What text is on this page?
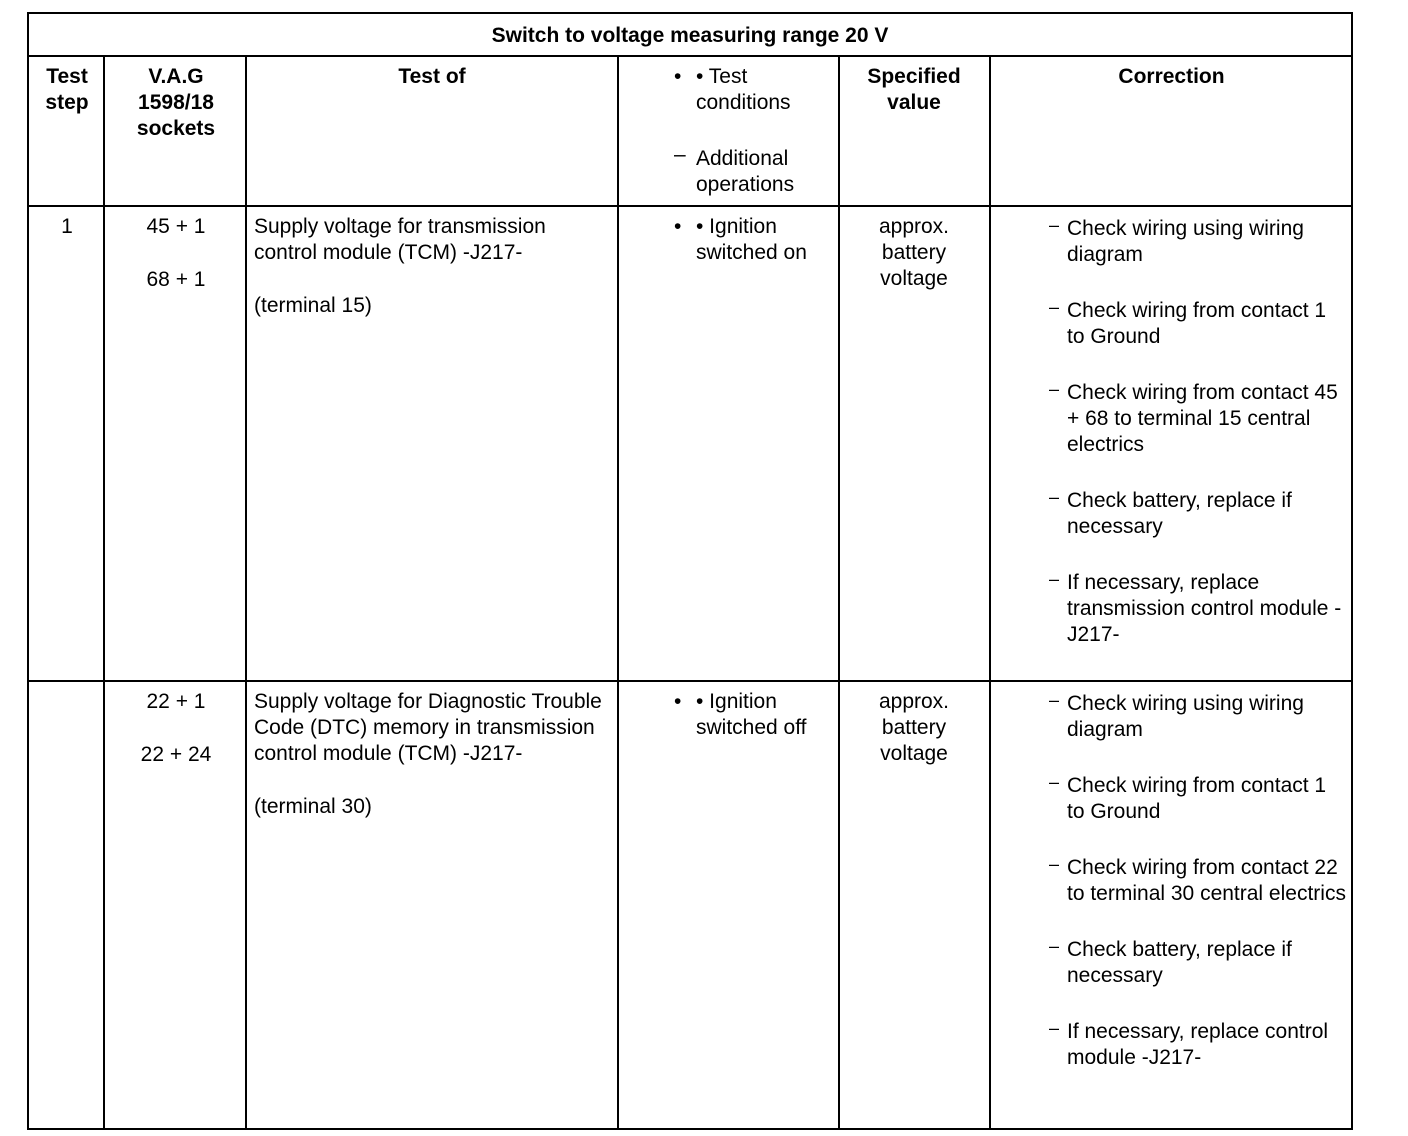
Switch to voltage measuring range 20 V
Test step
V.A.G 1598/18 sockets
Test of	• • Test conditions
– Additional operations
Specified value
Correction
1	45 + 1
68 + 1
Supply voltage for transmission control module (TCM) -J217-
(terminal 15)
• • Ignition switched on
approx. battery voltage
– Check wiring using wiring diagram
– Check wiring from contact 1 to Ground
– Check wiring from contact 45 + 68 to terminal 15 central electrics
– Check battery, replace if necessary
– If necessary, replace transmission control module -J217-
22 + 1
22 + 24
Supply voltage for Diagnostic Trouble Code (DTC) memory in transmission control module (TCM) -J217-
(terminal 30)
• • Ignition switched off
approx. battery voltage
– Check wiring using wiring diagram
– Check wiring from contact 1 to Ground
– Check wiring from contact 22 to terminal 30 central electrics
– Check battery, replace if necessary
– If necessary, replace control module -J217-
